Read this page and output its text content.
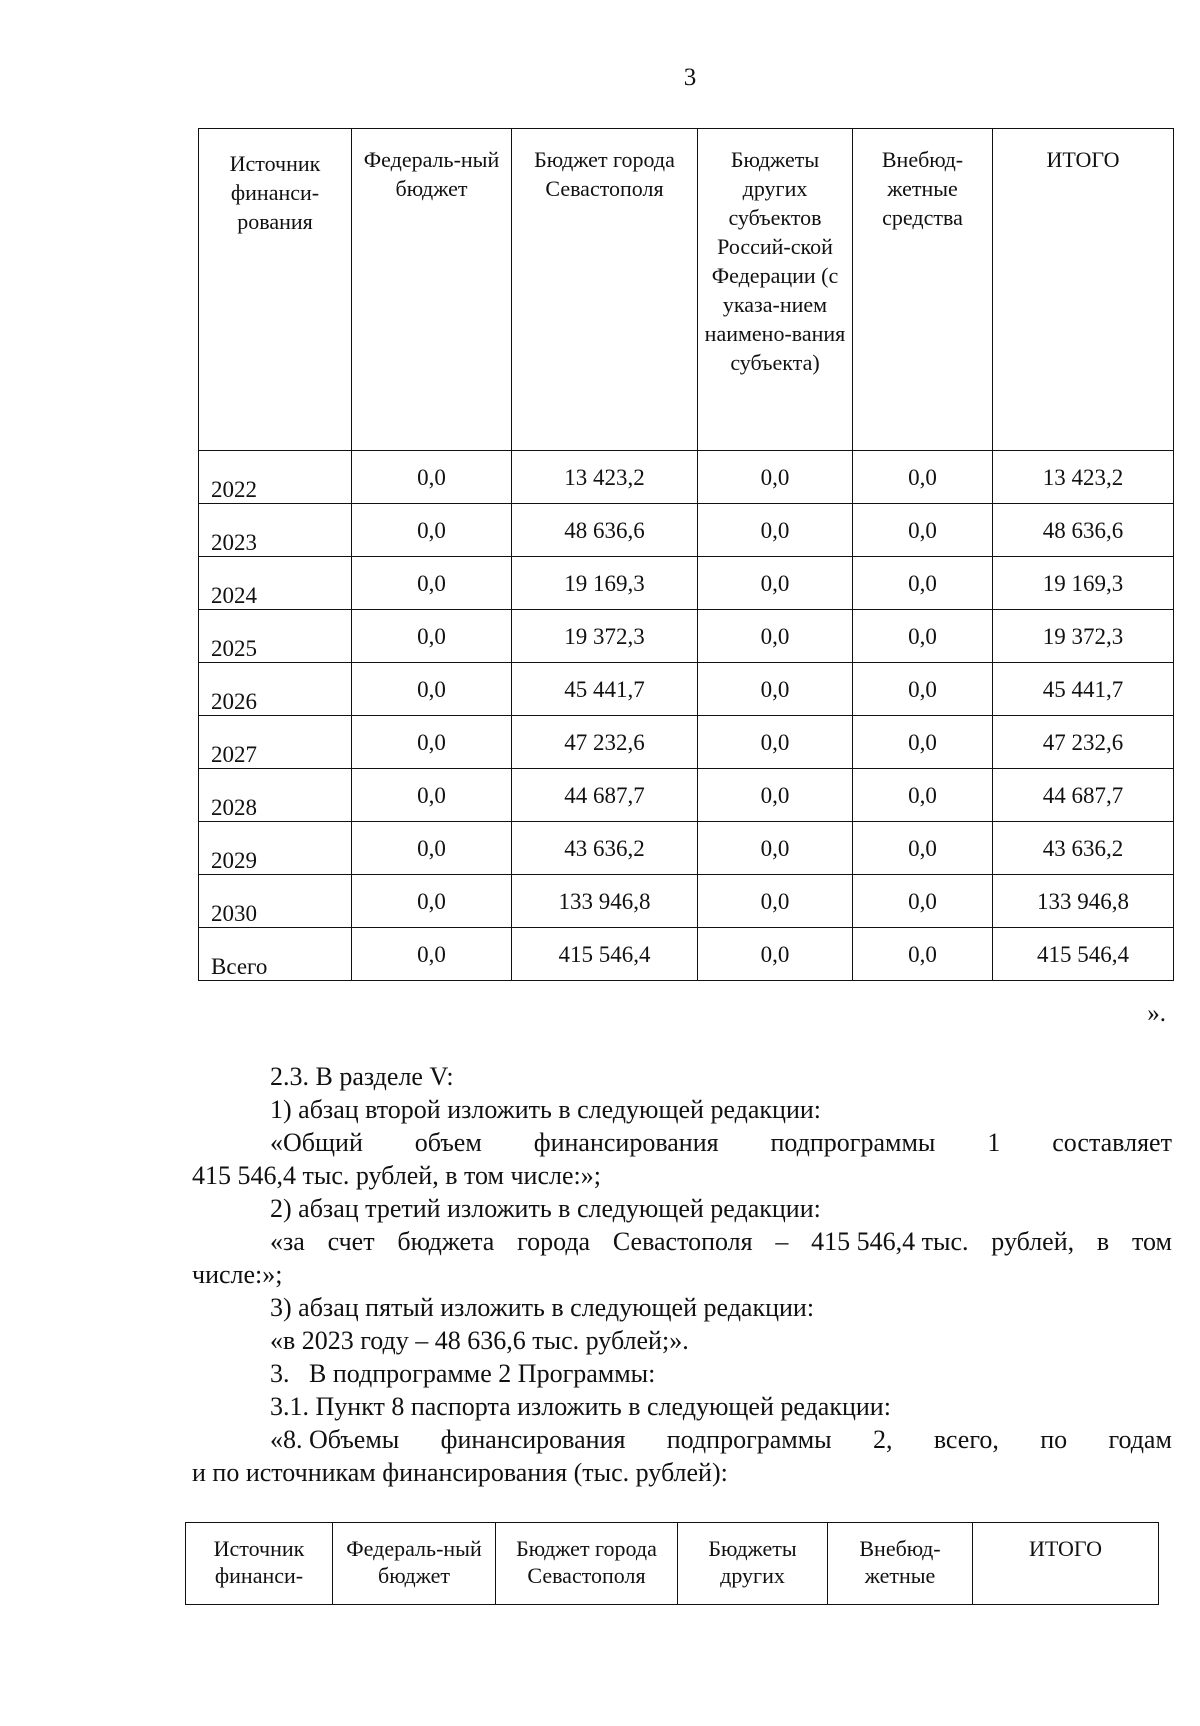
3
Источник финанси-рования	Федераль-ный бюджет	Бюджет города Севастополя	Бюджеты других субъектов Россий-ской Федерации (с указа-нием наимено-вания субъекта)	Внебюд-жетные средства	ИТОГО
2022	0,0	13 423,2	0,0	0,0	13 423,2
2023	0,0	48 636,6	0,0	0,0	48 636,6
2024	0,0	19 169,3	0,0	0,0	19 169,3
2025	0,0	19 372,3	0,0	0,0	19 372,3
2026	0,0	45 441,7	0,0	0,0	45 441,7
2027	0,0	47 232,6	0,0	0,0	47 232,6
2028	0,0	44 687,7	0,0	0,0	44 687,7
2029	0,0	43 636,2	0,0	0,0	43 636,2
2030	0,0	133 946,8	0,0	0,0	133 946,8
Всего	0,0	415 546,4	0,0	0,0	415 546,4
».

2.3. В разделе V:

1) абзац второй изложить в следующей редакции:

«Общий объем финансирования подпрограммы 1 составляет

415 546,4 тыс. рублей, в том числе:»;

2) абзац третий изложить в следующей редакции:

«за счет бюджета города Севастополя – 415 546,4 тыс. рублей, в том

числе:»;

3) абзац пятый изложить в следующей редакции:

«в 2023 году – 48 636,6 тыс. рублей;».

3.   В подпрограмме 2 Программы:

3.1. Пункт 8 паспорта изложить в следующей редакции:

«8. Объемы финансирования подпрограммы 2, всего, по годам

и по источникам финансирования (тыс. рублей):

Источник финанси-	Федераль-ный бюджет	Бюджет города Севастополя	Бюджеты других	Внебюд-жетные	ИТОГО
